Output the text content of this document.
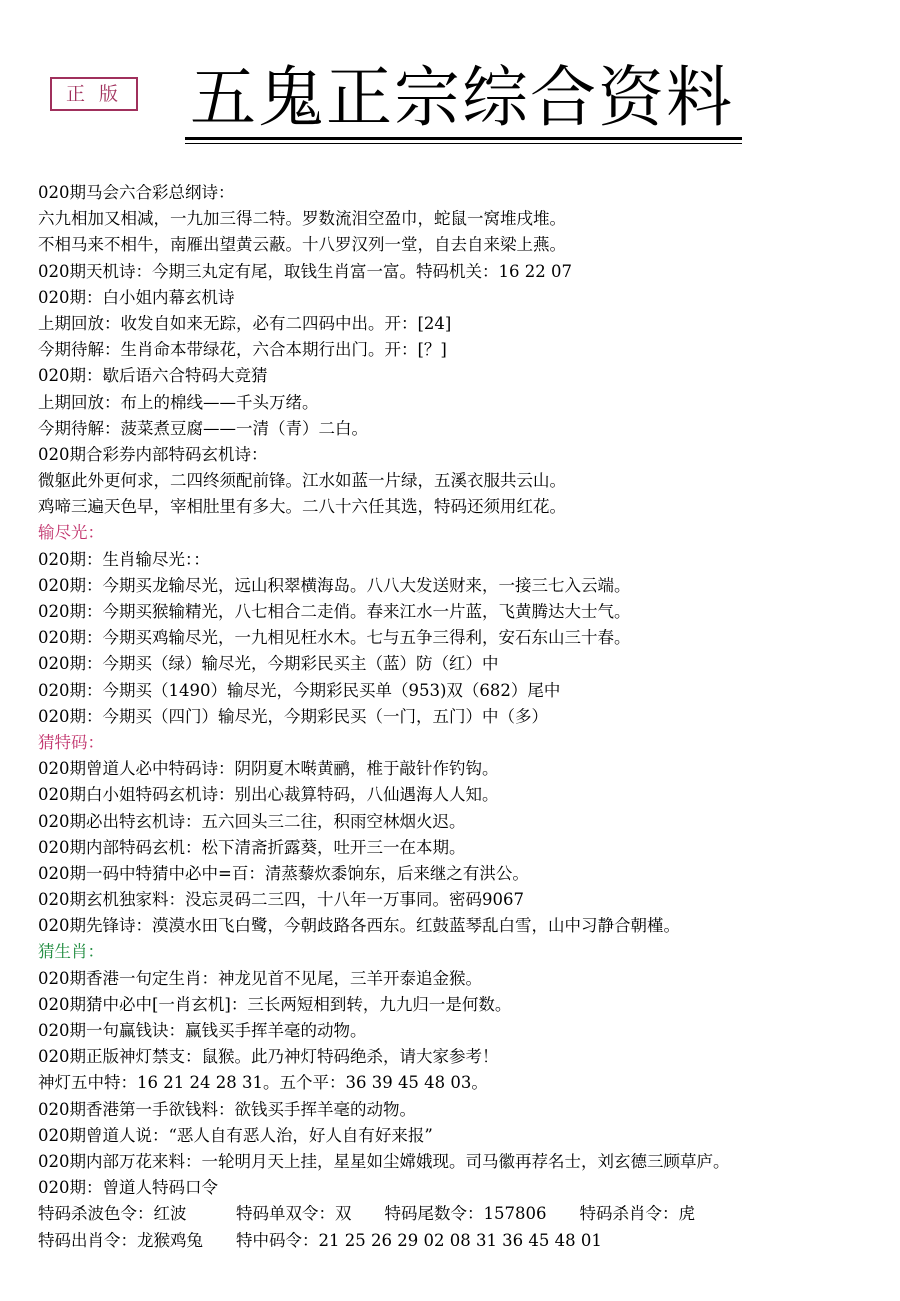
正 版 五鬼正宗综合资料
020期马会六合彩总纲诗：
六九相加又相减，一九加三得二特。罗数流泪空盈巾，蛇鼠一窝堆戌堆。
不相马来不相牛，南雁出望黄云蔽。十八罗汉列一堂，自去自来梁上燕。
020期天机诗：今期三丸定有尾，取钱生肖富一富。特码机关：16 22 07
020期：白小姐内幕玄机诗
上期回放：收发自如来无踪，必有二四码中出。开：[24]
今期待解：生肖命本带绿花，六合本期行出门。开：[？]
020期：歇后语六合特码大竞猜
上期回放：布上的棉线——千头万绪。
今期待解：菠菜煮豆腐——一清（青）二白。
020期合彩券内部特码玄机诗：
微躯此外更何求，二四终须配前锋。江水如蓝一片绿，五溪衣服共云山。
鸡啼三遍天色早，宰相肚里有多大。二八十六任其选，特码还须用红花。
输尽光：
020期：生肖输尽光：：
020期：今期买龙输尽光，远山积翠横海岛。八八大发送财来，一接三七入云端。
020期：今期买猴输精光，八七相合二走俏。春来江水一片蓝，飞黄腾达大士气。
020期：今期买鸡输尽光，一九相见枉水木。七与五争三得利，安石东山三十春。
020期：今期买（绿）输尽光，今期彩民买主（蓝）防（红）中
020期：今期买（1490）输尽光，今期彩民买单（953)双（682）尾中
020期：今期买（四门）输尽光，今期彩民买（一门，五门）中（多）
猜特码：
020期曾道人必中特码诗：阴阴夏木啭黄鹂，椎于敲针作钓钩。
020期白小姐特码玄机诗：别出心裁算特码，八仙遇海人人知。
020期必出特玄机诗：五六回头三二往，积雨空林烟火迟。
020期内部特码玄机：松下清斋折露葵，吐开三一在本期。
020期一码中特猜中必中=百：清蒸藜炊黍饷东，后来继之有洪公。
020期玄机独家料：没忘灵码二三四，十八年一万事同。密码9067
020期先锋诗：漠漠水田飞白鹭，今朝歧路各西东。红鼓蓝琴乱白雪，山中习静合朝槿。
猜生肖：
020期香港一句定生肖：神龙见首不见尾，三羊开泰追金猴。
020期猜中必中[一肖玄机]：三长两短相到转，九九归一是何数。
020期一句赢钱诀：赢钱买手挥羊毫的动物。
020期正版神灯禁支：鼠猴。此乃神灯特码绝杀，请大家参考！
神灯五中特：16 21 24 28 31。五个平：36 39 45 48 03。
020期香港第一手欲钱料：欲钱买手挥羊毫的动物。
020期曾道人说：“恶人自有恶人治，好人自有好来报”
020期内部万花来料：一轮明月天上挂，星星如尘嫦娥现。司马徽再荐名士，刘玄德三顾草庐。
020期：曾道人特码口令
特码杀波色令：红波　　　特码单双令：双　　特码尾数令：157806　　特码杀肖令：虎
特码出肖令：龙猴鸡兔　　特中码令：21 25 26 29 02 08 31 36 45 48 01
